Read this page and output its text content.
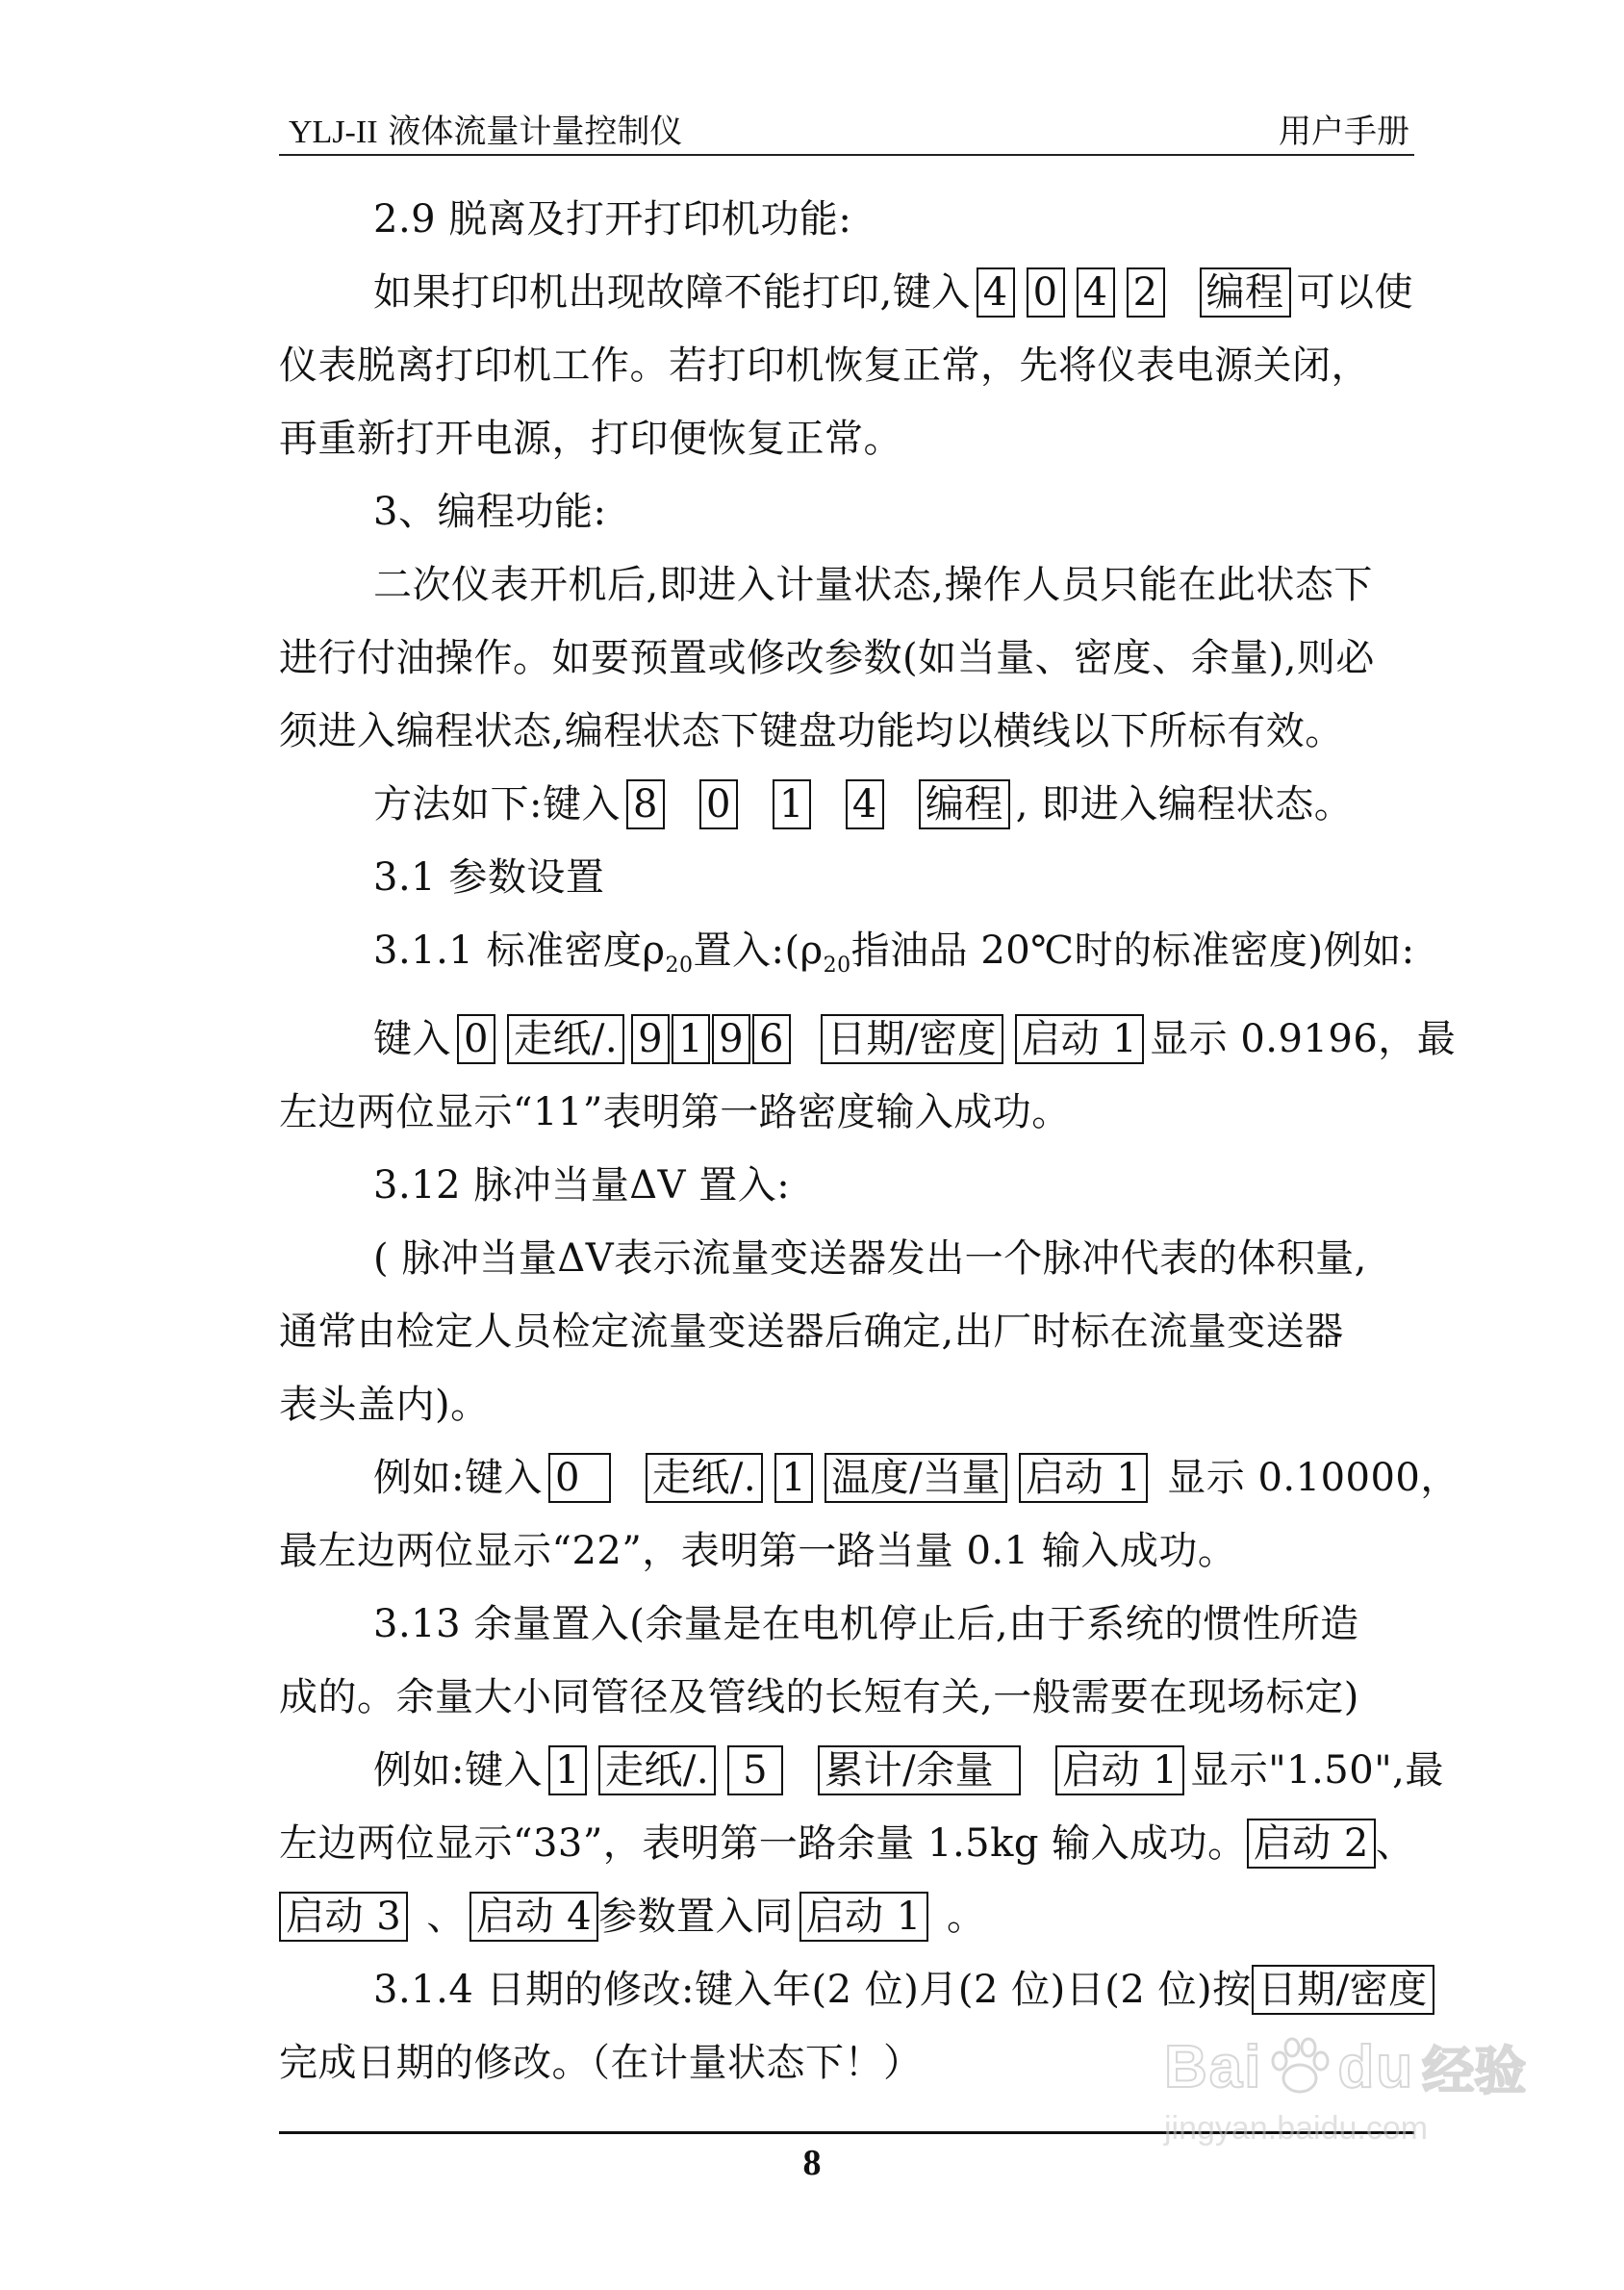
YLJ-II 液体流量计量控制仪	用户手册

2.9 脱离及打开打印机功能:

如果打印机出现故障不能打印,键入 4 0 4 2 编程 可以使

仪表脱离打印机工作。若打印机恢复正常，先将仪表电源关闭，

再重新打开电源，打印便恢复正常。

3、编程功能:

二次仪表开机后,即进入计量状态,操作人员只能在此状态下

进行付油操作。如要预置或修改参数(如当量、密度、余量),则必

须进入编程状态,编程状态下键盘功能均以横线以下所标有效。

方法如下:键入 8 0 1 4 编程 , 即进入编程状态。

3.1 参数设置

3.1.1 标准密度$\rho_{20}$置入$:(\rho_{20}$指油品 20℃时的标准密度)例如:

键入 0 走纸/. 9 1 9 6 日期/密度 启动 1 显示 0.9196，最

左边两位显示“11”表明第一路密度输入成功。

3.12 脉冲当量ΔV 置入:

( 脉冲当量ΔV表示流量变送器发出一个脉冲代表的体积量,

通常由检定人员检定流量变送器后确定,出厂时标在流量变送器

表头盖内)。

例如:键入 0 走纸/. 1 温度/当量 启动 1 显示 0.10000，

最左边两位显示“22”，表明第一路当量 0.1 输入成功。

3.13 余量置入(余量是在电机停止后,由于系统的惯性所造

成的。余量大小同管径及管线的长短有关,一般需要在现场标定)

例如:键入 1 走纸/. 5 累计/余量 启动 1 显示"1.50",最

左边两位显示“33”，表明第一路余量 1.5kg 输入成功。 启动 2 、

启动 3 、 启动 4 参数置入同 启动 1 。

3.1.4 日期的修改:键入年(2 位)月(2 位)日(2 位)按 日期/密度

完成日期的修改。（在计量状态下！）

8
Bai du 经验
jingyan.baidu.com
